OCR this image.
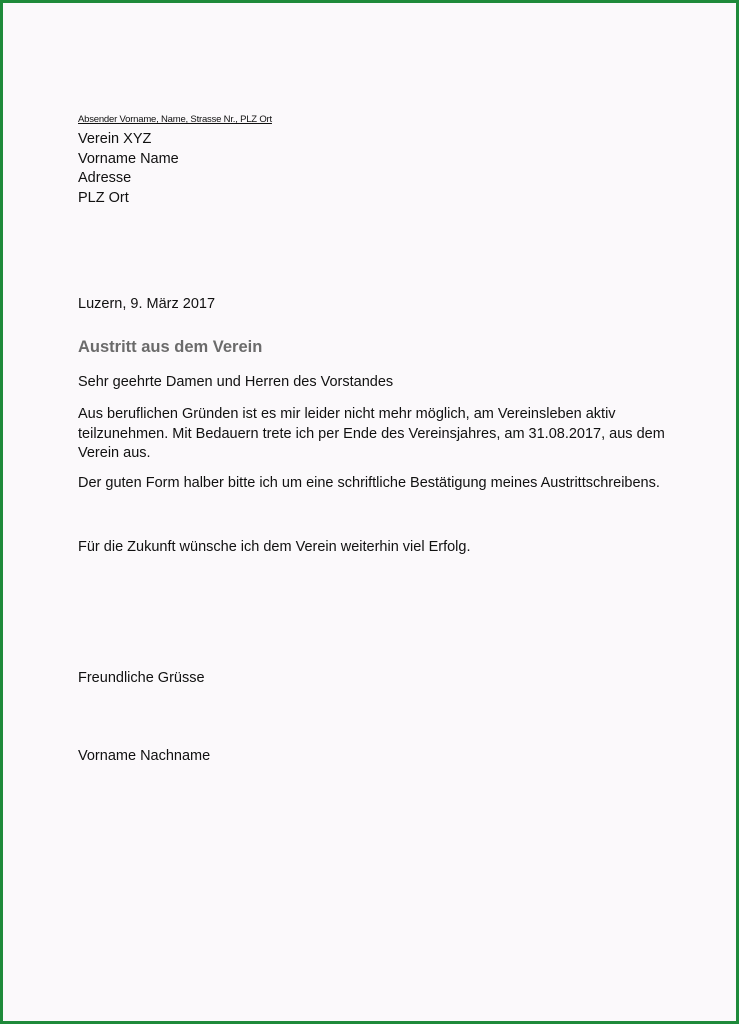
Absender Vorname, Name, Strasse Nr., PLZ Ort
Verein XYZ
Vorname Name
Adresse
PLZ Ort
Luzern, 9. März 2017
Austritt aus dem Verein
Sehr geehrte Damen und Herren des Vorstandes
Aus beruflichen Gründen ist es mir leider nicht mehr möglich, am Vereinsleben aktiv
teilzunehmen. Mit Bedauern trete ich per Ende des Vereinsjahres, am 31.08.2017, aus dem
Verein aus.
Der guten Form halber bitte ich um eine schriftliche Bestätigung meines Austrittschreibens.
Für die Zukunft wünsche ich dem Verein weiterhin viel Erfolg.
Freundliche Grüsse
Vorname Nachname
